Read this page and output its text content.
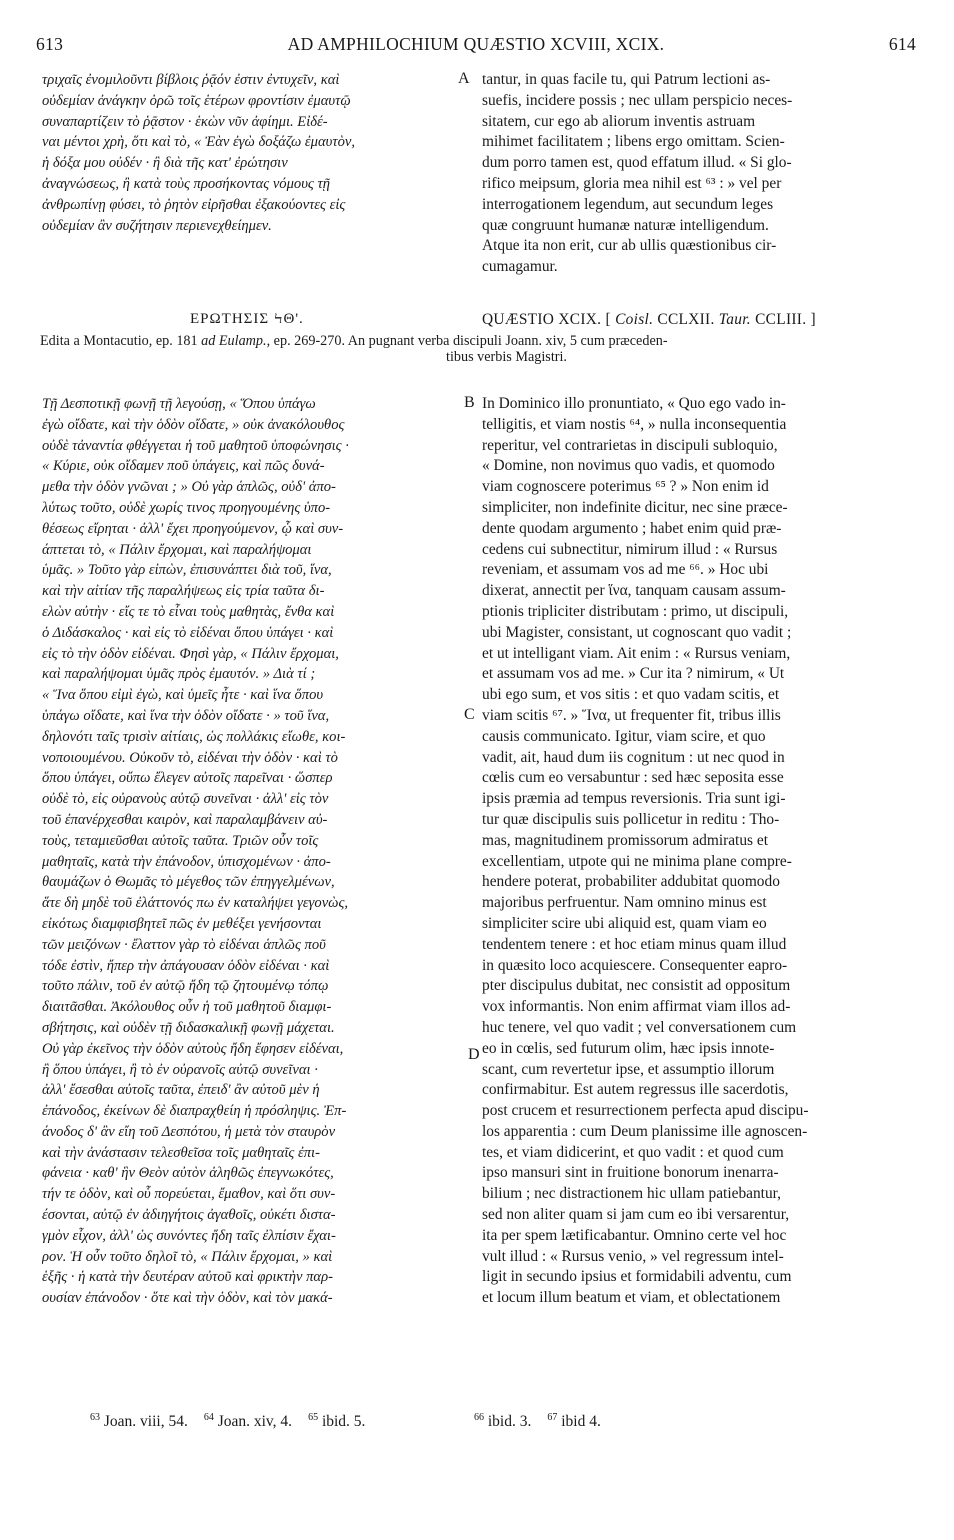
613	AD AMPHILOCHIUM QUÆSTIO XCVIII, XCIX.	614
τριχαῖς ἐνομιλοῦντι βίβλοις ῥᾷόν ἐστιν ἐντυχεῖν, καὶ
οὐδεμίαν ἀνάγκην ὁρῶ τοῖς ἑτέρων φροντίσιν ἐμαυτῷ
συναπαρτίζειν τὸ ῥᾷστον · ἑκὼν νῦν ἀφίημι. Εἰδέ-
ναι μέντοι χρὴ, ὅτι καὶ τὸ, « Ἐὰν ἐγὼ δοξάζω ἐμαυτὸν,
ἡ δόξα μου οὐδέν · ἢ διὰ τῆς κατ' ἐρώτησιν
ἀναγνώσεως, ἢ κατὰ τοὺς προσήκοντας νόμους τῇ
ἀνθρωπίνῃ φύσει, τὸ ῥητὸν εἰρῆσθαι ἐξακούοντες εἰς
οὐδεμίαν ἂν συζήτησιν περιενεχθείημεν.
tantur, in quas facile tu, qui Patrum lectioni as-
suefis, incidere possis ; nec ullam perspicio neces-
sitatem, cur ego ab aliorum inventis astruam
mihimet facilitatem ; libens ergo omittam. Scien-
dum porro tamen est, quod effatum illud. « Si glo-
rifico meipsum, gloria mea nihil est ⁶³ : » vel per
interrogationem legendum, aut secundum leges
quæ congruunt humanæ naturæ intelligendum.
Atque ita non erit, cur ab ullis quæstionibus cir-
cumagamur.
A
ΕΡΩΤΗΣΙΣ ϞΘ'.	QUÆSTIO XCIX. [ Coisl. CCLXII. Taur. CCLIII. ]
Edita a Montacutio, ep. 181 ad Eulamp., ep. 269-270. An pugnant verba discipuli Joann. xiv, 5 cum præceden-
tibus verbis Magistri.
Τῇ Δεσποτικῇ φωνῇ τῇ λεγούσῃ, « Ὅπου ὑπάγω
ἐγὼ οἴδατε, καὶ τὴν ὁδὸν οἴδατε, » οὐκ ἀνακόλουθος
οὐδὲ τἀναντία φθέγγεται ἡ τοῦ μαθητοῦ ὑποφώνησις ·
« Κύριε, οὐκ οἴδαμεν ποῦ ὑπάγεις, καὶ πῶς δυνά-
μεθα τὴν ὁδὸν γνῶναι ; » Οὐ γὰρ ἁπλῶς, οὐδ' ἀπο-
λύτως τοῦτο, οὐδὲ χωρίς τινος προηγουμένης ὑπο-
θέσεως εἴρηται · ἀλλ' ἔχει προηγούμενον, ᾧ καὶ συν-
άπτεται τὸ, « Πάλιν ἔρχομαι, καὶ παραλήψομαι
ὑμᾶς. » Τοῦτο γὰρ εἰπὼν, ἐπισυνάπτει διὰ τοῦ, ἵνα,
καὶ τὴν αἰτίαν τῆς παραλήψεως εἰς τρία ταῦτα δι-
ελὼν αὐτὴν · εἴς τε τὸ εἶναι τοὺς μαθητὰς, ἔνθα καὶ
ὁ Διδάσκαλος · καὶ εἰς τὸ εἰδέναι ὅπου ὑπάγει · καὶ
εἰς τὸ τὴν ὁδὸν εἰδέναι. Φησὶ γὰρ, « Πάλιν ἔρχομαι,
καὶ παραλήψομαι ὑμᾶς πρὸς ἐμαυτόν. » Διὰ τί ;
« Ἵνα ὅπου εἰμὶ ἐγὼ, καὶ ὑμεῖς ἦτε · καὶ ἵνα ὅπου
ὑπάγω οἴδατε, καὶ ἵνα τὴν ὁδὸν οἴδατε · » τοῦ ἵνα,
δηλονότι ταῖς τρισὶν αἰτίαις, ὡς πολλάκις εἴωθε, κοι-
νοποιουμένου. Οὐκοῦν τὸ, εἰδέναι τὴν ὁδὸν · καὶ τὸ
ὅπου ὑπάγει, οὔπω ἔλεγεν αὐτοῖς παρεῖναι · ὥσπερ
οὐδὲ τὸ, εἰς οὐρανοὺς αὐτῷ συνεῖναι · ἀλλ' εἰς τὸν
τοῦ ἐπανέρχεσθαι καιρὸν, καὶ παραλαμβάνειν αὐ-
τοὺς, τεταμιεῦσθαι αὐτοῖς ταῦτα. Τριῶν οὖν τοῖς
μαθηταῖς, κατὰ τὴν ἐπάνοδον, ὑπισχομένων · ἀπο-
θαυμάζων ὁ Θωμᾶς τὸ μέγεθος τῶν ἐπηγγελμένων,
ἅτε δὴ μηδὲ τοῦ ἐλάττονός πω ἐν καταλήψει γεγονὼς,
εἰκότως διαμφισβητεῖ πῶς ἐν μεθέξει γενήσονται
τῶν μειζόνων · ἔλαττον γὰρ τὸ εἰδέναι ἁπλῶς ποῦ
τόδε ἐστὶν, ἤπερ τὴν ἀπάγουσαν ὁδὸν εἰδέναι · καὶ
τοῦτο πάλιν, τοῦ ἐν αὐτῷ ἤδη τῷ ζητουμένῳ τόπῳ
διαιτᾶσθαι. Ἀκόλουθος οὖν ἡ τοῦ μαθητοῦ διαμφι-
σβήτησις, καὶ οὐδὲν τῇ διδασκαλικῇ φωνῇ μάχεται.
Οὐ γὰρ ἐκεῖνος τὴν ὁδὸν αὐτοὺς ἤδη ἔφησεν εἰδέναι,
ἢ ὅπου ὑπάγει, ἢ τὸ ἐν οὐρανοῖς αὐτῷ συνεῖναι ·
ἀλλ' ἔσεσθαι αὐτοῖς ταῦτα, ἐπειδ' ἂν αὐτοῦ μὲν ἡ
ἐπάνοδος, ἐκείνων δὲ διαπραχθείη ἡ πρόσληψις. Ἐπ-
άνοδος δ' ἂν εἴη τοῦ Δεσπότου, ἡ μετὰ τὸν σταυρὸν
καὶ τὴν ἀνάστασιν τελεσθεῖσα τοῖς μαθηταῖς ἐπι-
φάνεια · καθ' ἣν Θεὸν αὐτὸν ἀληθῶς ἐπεγνωκότες,
τήν τε ὁδὸν, καὶ οὗ πορεύεται, ἔμαθον, καὶ ὅτι συν-
έσονται, αὐτῷ ἐν ἀδιηγήτοις ἀγαθοῖς, οὐκέτι διστα-
γμὸν εἶχον, ἀλλ' ὡς συνόντες ἤδη ταῖς ἐλπίσιν ἔχαι-
ρον. Ἡ οὖν τοῦτο δηλοῖ τὸ, « Πάλιν ἔρχομαι, » καὶ
ἑξῆς · ἡ κατὰ τὴν δευτέραν αὐτοῦ καὶ φρικτὴν παρ-
ουσίαν ἐπάνοδον · ὅτε καὶ τὴν ὁδὸν, καὶ τὸν μακά-
In Dominico illo pronuntiato, « Quo ego vado in-
telligitis, et viam nostis ⁶⁴, » nulla inconsequentia
reperitur, vel contrarietas in discipuli subloquio,
« Domine, non novimus quo vadis, et quomodo
viam cognoscere poterimus ⁶⁵ ? » Non enim id
simpliciter, non indefinite dicitur, nec sine præce-
dente quodam argumento ; habet enim quid præ-
cedens cui subnectitur, nimirum illud : « Rursus
reveniam, et assumam vos ad me ⁶⁶. » Hoc ubi
dixerat, annectit per ἵνα, tanquam causam assum-
ptionis tripliciter distributam : primo, ut discipuli,
ubi Magister, consistant, ut cognoscant quo vadit ;
et ut intelligant viam. Ait enim : « Rursus veniam,
et assumam vos ad me. » Cur ita ? nimirum, « Ut
ubi ego sum, et vos sitis : et quo vadam scitis, et
viam scitis ⁶⁷. » Ἵνα, ut frequenter fit, tribus illis
causis communicato. Igitur, viam scire, et quo
vadit, ait, haud dum iis cognitum : ut nec quod in
cœlis cum eo versabuntur : sed hæc seposita esse
ipsis præmia ad tempus reversionis. Tria sunt igi-
tur quæ discipulis suis pollicetur in reditu : Tho-
mas, magnitudinem promissorum admiratus et
excellentiam, utpote qui ne minima plane compre-
hendere poterat, probabiliter addubitat quomodo
majoribus perfruentur. Nam omnino minus est
simpliciter scire ubi aliquid est, quam viam eo
tendentem tenere : et hoc etiam minus quam illud
in quæsito loco acquiescere. Consequenter eapro-
pter discipulus dubitat, nec consistit ad oppositum
vox informantis. Non enim affirmat viam illos ad-
huc tenere, vel quo vadit ; vel conversationem cum
eo in cœlis, sed futurum olim, hæc ipsis innote-
scant, cum revertetur ipse, et assumptio illorum
confirmabitur. Est autem regressus ille sacerdotis,
post crucem et resurrectionem perfecta apud discipu-
los apparentia : cum Deum planissime ille agnoscen-
tes, et viam didicerint, et quo vadit : et quod cum
ipso mansuri sint in fruitione bonorum inenarra-
bilium ; nec distractionem hic ullam patiebantur,
sed non aliter quam si jam cum eo ibi versarentur,
ita per spem lætificabantur. Omnino certe vel hoc
vult illud : « Rursus venio, » vel regressum intel-
ligit in secundo ipsius et formidabili adventu, cum
et locum illum beatum et viam, et oblectationem
B
C
D
$^{63}$ Joan. viii, 54. $^{64}$ Joan. xiv, 4. $^{65}$ ibid. 5.	$^{66}$ ibid. 3. $^{67}$ ibid 4.
